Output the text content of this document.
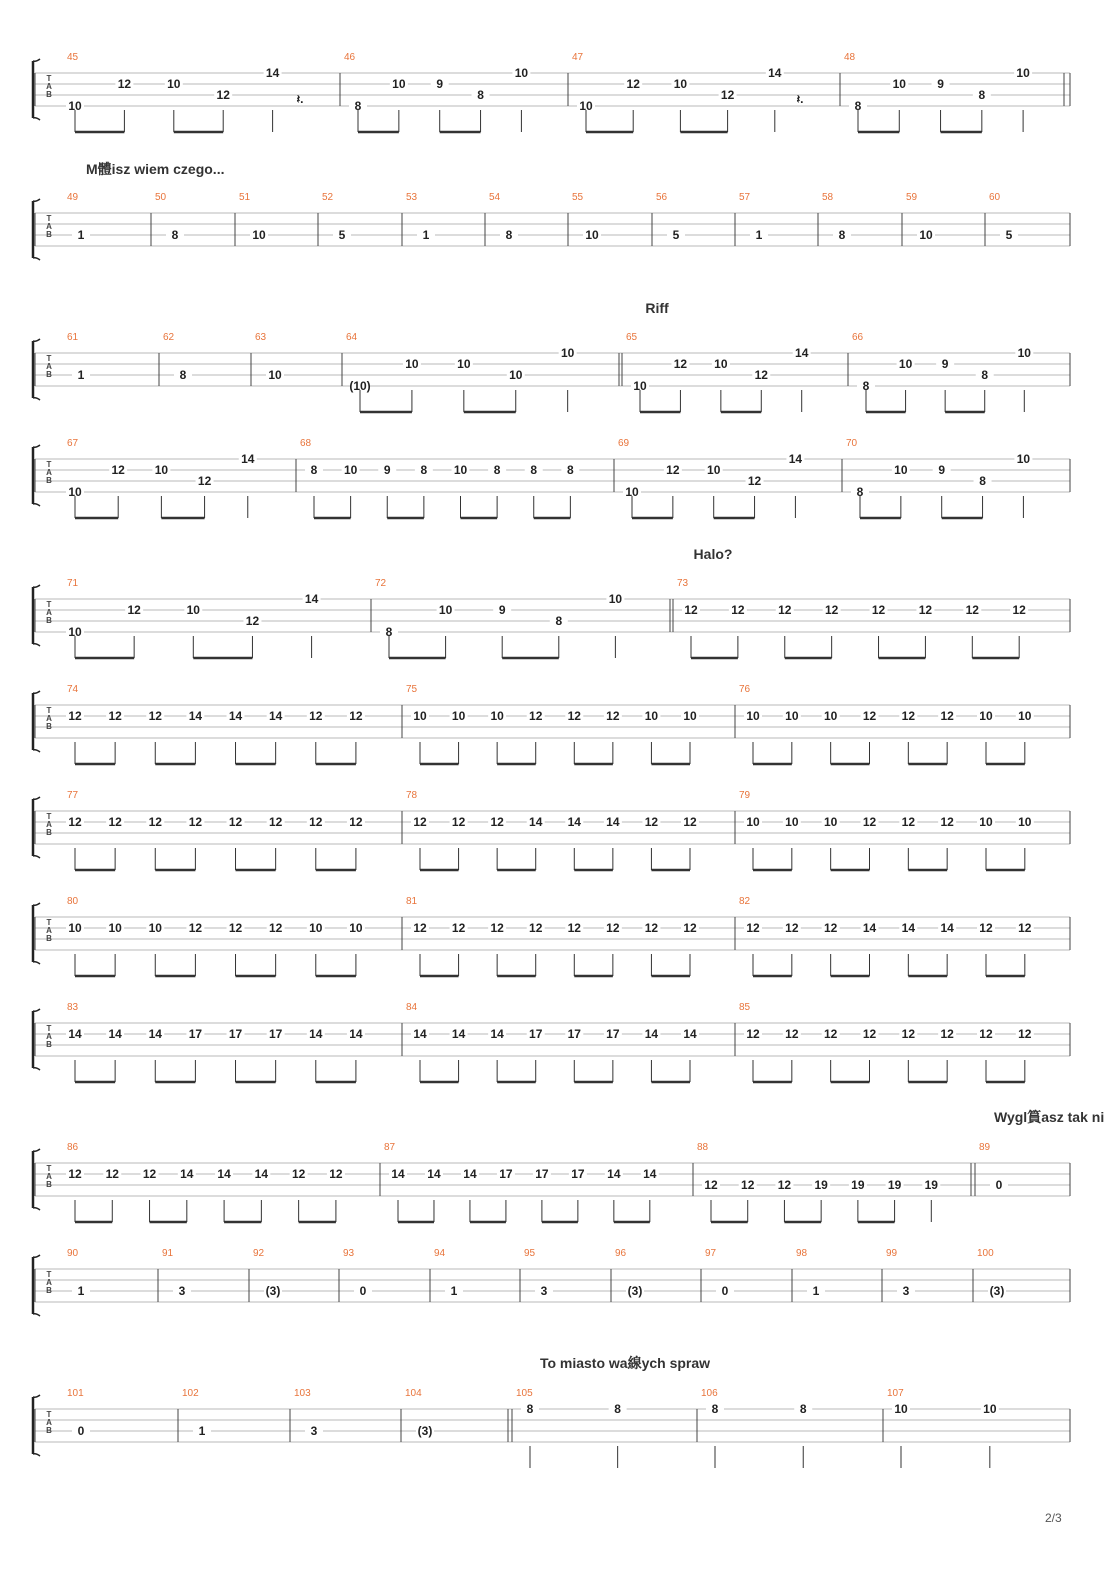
M體isz wiem czego...
Riff
Halo?
Wygl篔asz tak ni
To miasto wa線ych spraw
T
A
B
45
10
12	10
12
14
𝄽.
46
8
10	9
8
10
47
10
12	10
12
14
𝄽.
48
8
10	9
8
10
T
A
B
49
1
50
8
51
10
52
5
53
1
54
8
55
10
56
5
57
1
58
8
59
10
60
5
T
A
B
61
1
62
8
63
10
64
(10)
10	10
10
10
65
10
12 10
12
14
66
8
10 9
8
10
T
A
B
67
10
12 10
12
14
68
8 10 9 8 10 8 8 8
69
10
12 10
12
14
70
8
10	9
8
10
T
A
B
71
10
12	10
12
14
72
8
10	9
8
10
73
12	12	12	12	12	12	12	12
T
A
B
74
12 12 12 14 14 14 12 12
75
10 10 10 12 12 12 10 10
76
10 10 10 12 12 12 10 10
T
A
B
77
12 12 12 12 12 12 12 12
78
12 12 12 14 14 14 12 12
79
10 10 10 12 12 12 10 10
T
A
B
80
10 10 10 12 12 12 10 10
81
12 12 12 12 12 12 12 12
82
12 12 12 14 14 14 12 12
T
A
B
83
14 14 14 17 17 17 14 14
84
14 14 14 17 17 17 14 14
85
12 12 12 12 12 12 12 12
T
A
B
86
12 12 12 14 14 14 12 12
87
14 14 14 17 17 17 14 14
88
12 12 12 19 19 19 19
89
0
T
A
B
90
1
91
3
92
(3)
93
0
94
1
95
3
96
(3)
97
0
98
1
99
3
100
(3)
T
A
B
101
0
102
1
103
3
104
(3)
105
8	8
106
8	8
107
10	10
2/3
